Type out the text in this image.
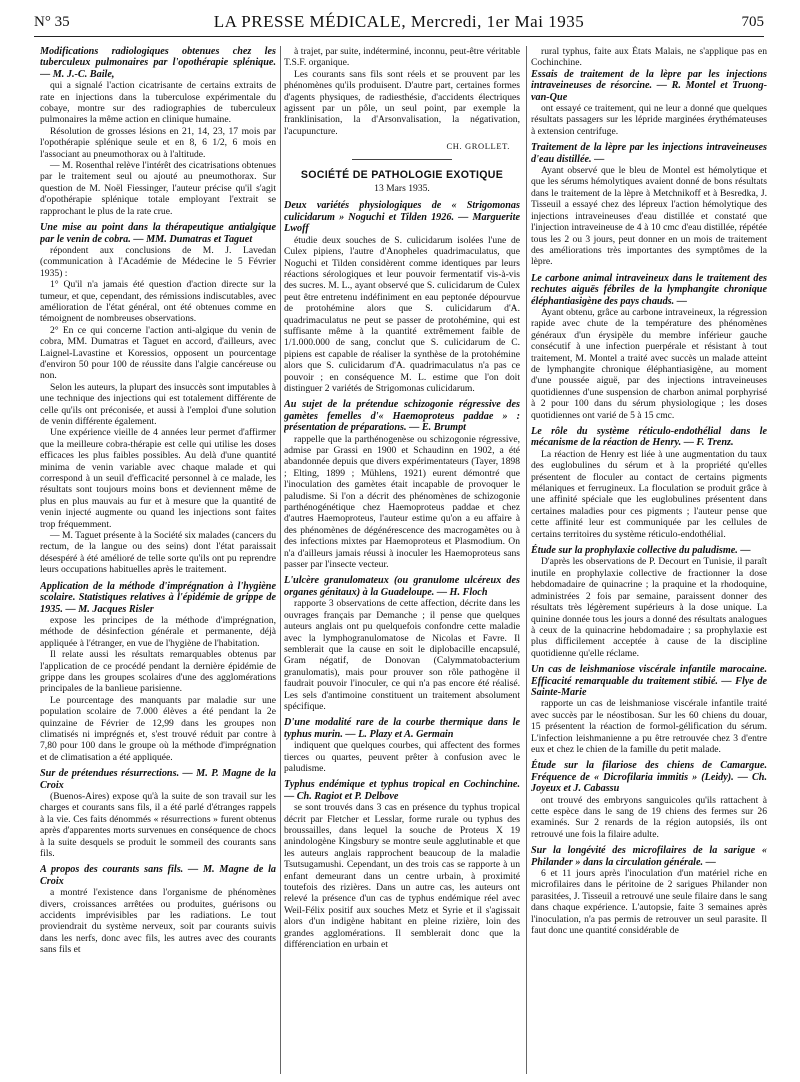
N° 35	LA PRESSE MÉDICALE, Mercredi, 1er Mai 1935	705

Modifications radiologiques obtenues chez les tuberculeux pulmonaires par l'opothérapie splénique. — M. J.-C. Baile,

qui a signalé l'action cicatrisante de certains extraits de rate en injections dans la tuberculose expérimentale du cobaye, montre sur des radiographies de tuberculeux pulmonaires la même action en clinique humaine.

Résolution de grosses lésions en 21, 14, 23, 17 mois par l'opothérapie splénique seule et en 8, 6 1/2, 6 mois en l'associant au pneumothorax ou à l'altitude.

— M. Rosenthal relève l'intérêt des cicatrisations obtenues par le traitement seul ou ajouté au pneumothorax. Sur question de M. Noël Fiessinger, l'auteur précise qu'il s'agit d'opothérapie splénique totale employant l'extrait se rapprochant le plus de la rate crue.

Une mise au point dans la thérapeutique antialgique par le venin de cobra. — MM. Dumatras et Taguet

répondent aux conclusions de M. J. Lavedan (communication à l'Académie de Médecine le 5 Février 1935) :

1° Qu'il n'a jamais été question d'action directe sur la tumeur, et que, cependant, des rémissions indiscutables, avec amélioration de l'état général, ont été obtenues comme en témoignent de nombreuses observations.

2° En ce qui concerne l'action anti-algique du venin de cobra, MM. Dumatras et Taguet en accord, d'ailleurs, avec Laignel-Lavastine et Koressios, opposent un pourcentage d'environ 50 pour 100 de réussite dans l'algie cancéreuse ou non.

Selon les auteurs, la plupart des insuccès sont imputables à une technique des injections qui est totalement différente de celle qu'ils ont préconisée, et aussi à l'emploi d'une solution de venin différente également.

Une expérience vieille de 4 années leur permet d'affirmer que la meilleure cobra-thérapie est celle qui utilise les doses efficaces les plus faibles possibles. Au delà d'une quantité minima de venin variable avec chaque malade et qui correspond à un seuil d'efficacité personnel à ce malade, les résultats sont toujours moins bons et deviennent même de plus en plus mauvais au fur et à mesure que la quantité de venin injecté augmente ou quand les injections sont faites trop fréquemment.

— M. Taguet présente à la Société six malades (cancers du rectum, de la langue ou des seins) dont l'état paraissait désespéré à été amélioré de telle sorte qu'ils ont pu reprendre leurs occupations habituelles après le traitement.

Application de la méthode d'imprégnation à l'hygiène scolaire. Statistiques relatives à l'épidémie de grippe de 1935. — M. Jacques Risler

expose les principes de la méthode d'imprégnation, méthode de désinfection générale et permanente, déjà appliquée à l'étranger, en vue de l'hygiène de l'habitation.

Il relate aussi les résultats remarquables obtenus par l'application de ce procédé pendant la dernière épidémie de grippe dans les groupes scolaires d'une des agglomérations principales de la banlieue parisienne.

Le pourcentage des manquants par maladie sur une population scolaire de 7.000 élèves a été pendant la 2e quinzaine de Février de 12,99 dans les groupes non climatisés ni imprégnés et, s'est trouvé réduit par contre à 7,80 pour 100 dans le groupe où la méthode d'imprégnation et de climatisation a été appliquée.

Sur de prétendues résurrections. — M. P. Magne de la Croix

(Buenos-Aires) expose qu'à la suite de son travail sur les charges et courants sans fils, il a été parlé d'étranges rappels à la vie. Ces faits dénommés « résurrections » furent obtenus après d'apparentes morts survenues en conséquence de chocs à la suite desquels se produit le sommeil des courants sans fils.

A propos des courants sans fils. — M. Magne de la Croix

a montré l'existence dans l'organisme de phénomènes divers, croissances arrêtées ou produites, guérisons ou accidents imprévisibles par les radiations. Le tout proviendrait du système nerveux, soit par courants suivis dans les nerfs, donc avec fils, les autres avec des courants sans fils et

à trajet, par suite, indéterminé, inconnu, peut-être véritable T.S.F. organique.

Les courants sans fils sont réels et se prouvent par les phénomènes qu'ils produisent. D'autre part, certaines formes d'agents physiques, de radiesthésie, d'accidents électriques agissent par un pôle, un seul point, par exemple la franklinisation, la d'Arsonvalisation, la négativation, l'acupuncture.

CH. GROLLET.
SOCIÉTÉ DE PATHOLOGIE EXOTIQUE
13 Mars 1935.

Deux variétés physiologiques de « Strigomonas culicidarum » Noguchi et Tilden 1926. — Marguerite Lwoff

étudie deux souches de S. culicidarum isolées l'une de Culex pipiens, l'autre d'Anopheles quadrimaculatus, que Noguchi et Tilden considèrent comme identiques par leurs réactions sérologiques et leur pouvoir fermentatif vis-à-vis des sucres. M. L., ayant observé que S. culicidarum de Culex peut être entretenu indéfiniment en eau peptonée dépourvue de protohémine alors que S. culicidarum d'A. quadrimaculatus ne peut se passer de protohémine, qui est suffisante même à la quantité extrêmement faible de 1/1.000.000 de sang, conclut que S. culicidarum de C. pipiens est capable de réaliser la synthèse de la protohémine alors que S. culicidarum d'A. quadrimaculatus n'a pas ce pouvoir ; en conséquence M. L. estime que l'on doit distinguer 2 variétés de Strigomonas culicidarum.

Au sujet de la prétendue schizogonie régressive des gamètes femelles d'« Haemoproteus paddae » : présentation de préparations. — E. Brumpt

rappelle que la parthénogenèse ou schizogonie régressive, admise par Grassi en 1900 et Schaudinn en 1902, a été abandonnée depuis que divers expérimentateurs (Tayer, 1898 ; Elting, 1899 ; Mühlens, 1921) eurent démontré que l'inoculation des gamètes était incapable de provoquer le paludisme. Si l'on a décrit des phénomènes de schizogonie parthénogénétique chez Haemoproteus paddae et chez d'autres Haemoproteus, l'auteur estime qu'on a eu affaire à des phénomènes de dégénérescence des macrogamètes ou à des infections mixtes par Haemoproteus et Plasmodium. On n'a d'ailleurs jamais réussi à inoculer les Haemoproteus sans passer par l'insecte vecteur.

L'ulcère granulomateux (ou granulome ulcéreux des organes génitaux) à la Guadeloupe. — H. Floch

rapporte 3 observations de cette affection, décrite dans les ouvrages français par Demanche ; il pense que quelques auteurs anglais ont pu quelquefois confondre cette maladie avec la lymphogranulomatose de Nicolas et Favre. Il semblerait que la cause en soit le diplobacille encapsulé, Gram négatif, de Donovan (Calymmatobacterium granulomatis), mais pour prouver son rôle pathogène il faudrait pouvoir l'inoculer, ce qui n'a pas encore été réalisé. Les sels d'antimoine constituent un traitement absolument spécifique.

D'une modalité rare de la courbe thermique dans le typhus murin. — L. Plazy et A. Germain

indiquent que quelques courbes, qui affectent des formes tierces ou quartes, peuvent prêter à confusion avec le paludisme.

Typhus endémique et typhus tropical en Cochinchine. — Ch. Ragiot et P. Delbove

se sont trouvés dans 3 cas en présence du typhus tropical décrit par Fletcher et Lesslar, forme rurale ou typhus des broussailles, dans lequel la souche de Proteus X 19 anindologène Kingsbury se montre seule agglutinable et que les auteurs anglais rapprochent beaucoup de la maladie Tsutsugamushi. Cependant, un des trois cas se rapporte à un enfant demeurant dans un centre urbain, à proximité toutefois des rizières. Dans un autre cas, les auteurs ont relevé la présence d'un cas de typhus endémique réel avec Weil-Félix positif aux souches Metz et Syrie et il s'agissait alors d'un indigène habitant en pleine rizière, loin des grandes agglomérations. Il semblerait donc que la différenciation en urbain et

rural typhus, faite aux États Malais, ne s'applique pas en Cochinchine.

Essais de traitement de la lèpre par les injections intraveineuses de résorcine. — R. Montel et Truong-van-Que

ont essayé ce traitement, qui ne leur a donné que quelques résultats passagers sur les lépride marginées érythémateuses à extension centrifuge.

Traitement de la lèpre par les injections intraveineuses d'eau distillée. —

Ayant observé que le bleu de Montel est hémolytique et que les sérums hémolytiques avaient donné de bons résultats dans le traitement de la lèpre à Metchnikoff et à Besredka, J. Tisseuil a essayé chez des lépreux l'action hémolytique des injections intraveineuses d'eau distillée et constaté que l'injection intraveineuse de 4 à 10 cmc d'eau distillée, répétée tous les 2 ou 3 jours, peut donner en un mois de traitement des améliorations très importantes des symptômes de la lèpre.

Le carbone animal intraveineux dans le traitement des rechutes aiguës fébriles de la lymphangite chronique éléphantiasigène des pays chauds. —

Ayant obtenu, grâce au carbone intraveineux, la régression rapide avec chute de la température des phénomènes généraux d'un érysipèle du membre inférieur gauche consécutif à une infection puerpérale et résistant à tout traitement, M. Montel a traité avec succès un malade atteint de lymphangite chronique éléphantiasigène, au moment d'une poussée aiguë, par des injections intraveineuses quotidiennes d'une suspension de charbon animal porphyrisé à 2 pour 100 dans du sérum physiologique ; les doses quotidiennes ont varié de 5 à 15 cmc.

Le rôle du système réticulo-endothélial dans le mécanisme de la réaction de Henry. — F. Trenz.

La réaction de Henry est liée à une augmentation du taux des euglobulines du sérum et à la propriété qu'elles présentent de floculer au contact de certains pigments mélaniques et ferrugineux. La floculation se produit grâce à une affinité spéciale que les euglobulines présentent dans certaines maladies pour ces pigments ; l'auteur pense que cette affinité leur est communiquée par les cellules de certains territoires du système réticulo-endothélial.

Étude sur la prophylaxie collective du paludisme. —

D'après les observations de P. Decourt en Tunisie, il paraît inutile en prophylaxie collective de fractionner la dose hebdomadaire de quinacrine ; la praquine et la rhodoquine, administrées 2 fois par semaine, paraissent donner des résultats très légèrement supérieurs à la dose unique. La quinine donnée tous les jours a donné des résultats analogues à ceux de la quinacrine hebdomadaire ; sa prophylaxie est plus difficilement acceptée à cause de la discipline quotidienne qu'elle réclame.

Un cas de leishmaniose viscérale infantile marocaine. Efficacité remarquable du traitement stibié. — Flye de Sainte-Marie

rapporte un cas de leishmaniose viscérale infantile traité avec succès par le néostibosan. Sur les 60 chiens du douar, 15 présentent la réaction de formol-gélification du sérum. L'infection leishmanienne a pu être retrouvée chez 3 d'entre eux et chez le chien de la famille du petit malade.

Étude sur la filariose des chiens de Camargue. Fréquence de « Dicrofilaria immitis » (Leidy). — Ch. Joyeux et J. Cabassu

ont trouvé des embryons sanguicoles qu'ils rattachent à cette espèce dans le sang de 19 chiens des fermes sur 26 examinés. Sur 2 renards de la région autopsiés, ils ont retrouvé une fois la filaire adulte.

Sur la longévité des microfilaires de la sarigue « Philander » dans la circulation générale. —

6 et 11 jours après l'inoculation d'un matériel riche en microfilaires dans le péritoine de 2 sarigues Philander non parasitées, J. Tisseuil a retrouvé une seule filaire dans le sang dans chaque expérience. L'autopsie, faite 3 semaines après l'inoculation, n'a pas permis de retrouver un seul parasite. Il faut donc une quantité considérable de
